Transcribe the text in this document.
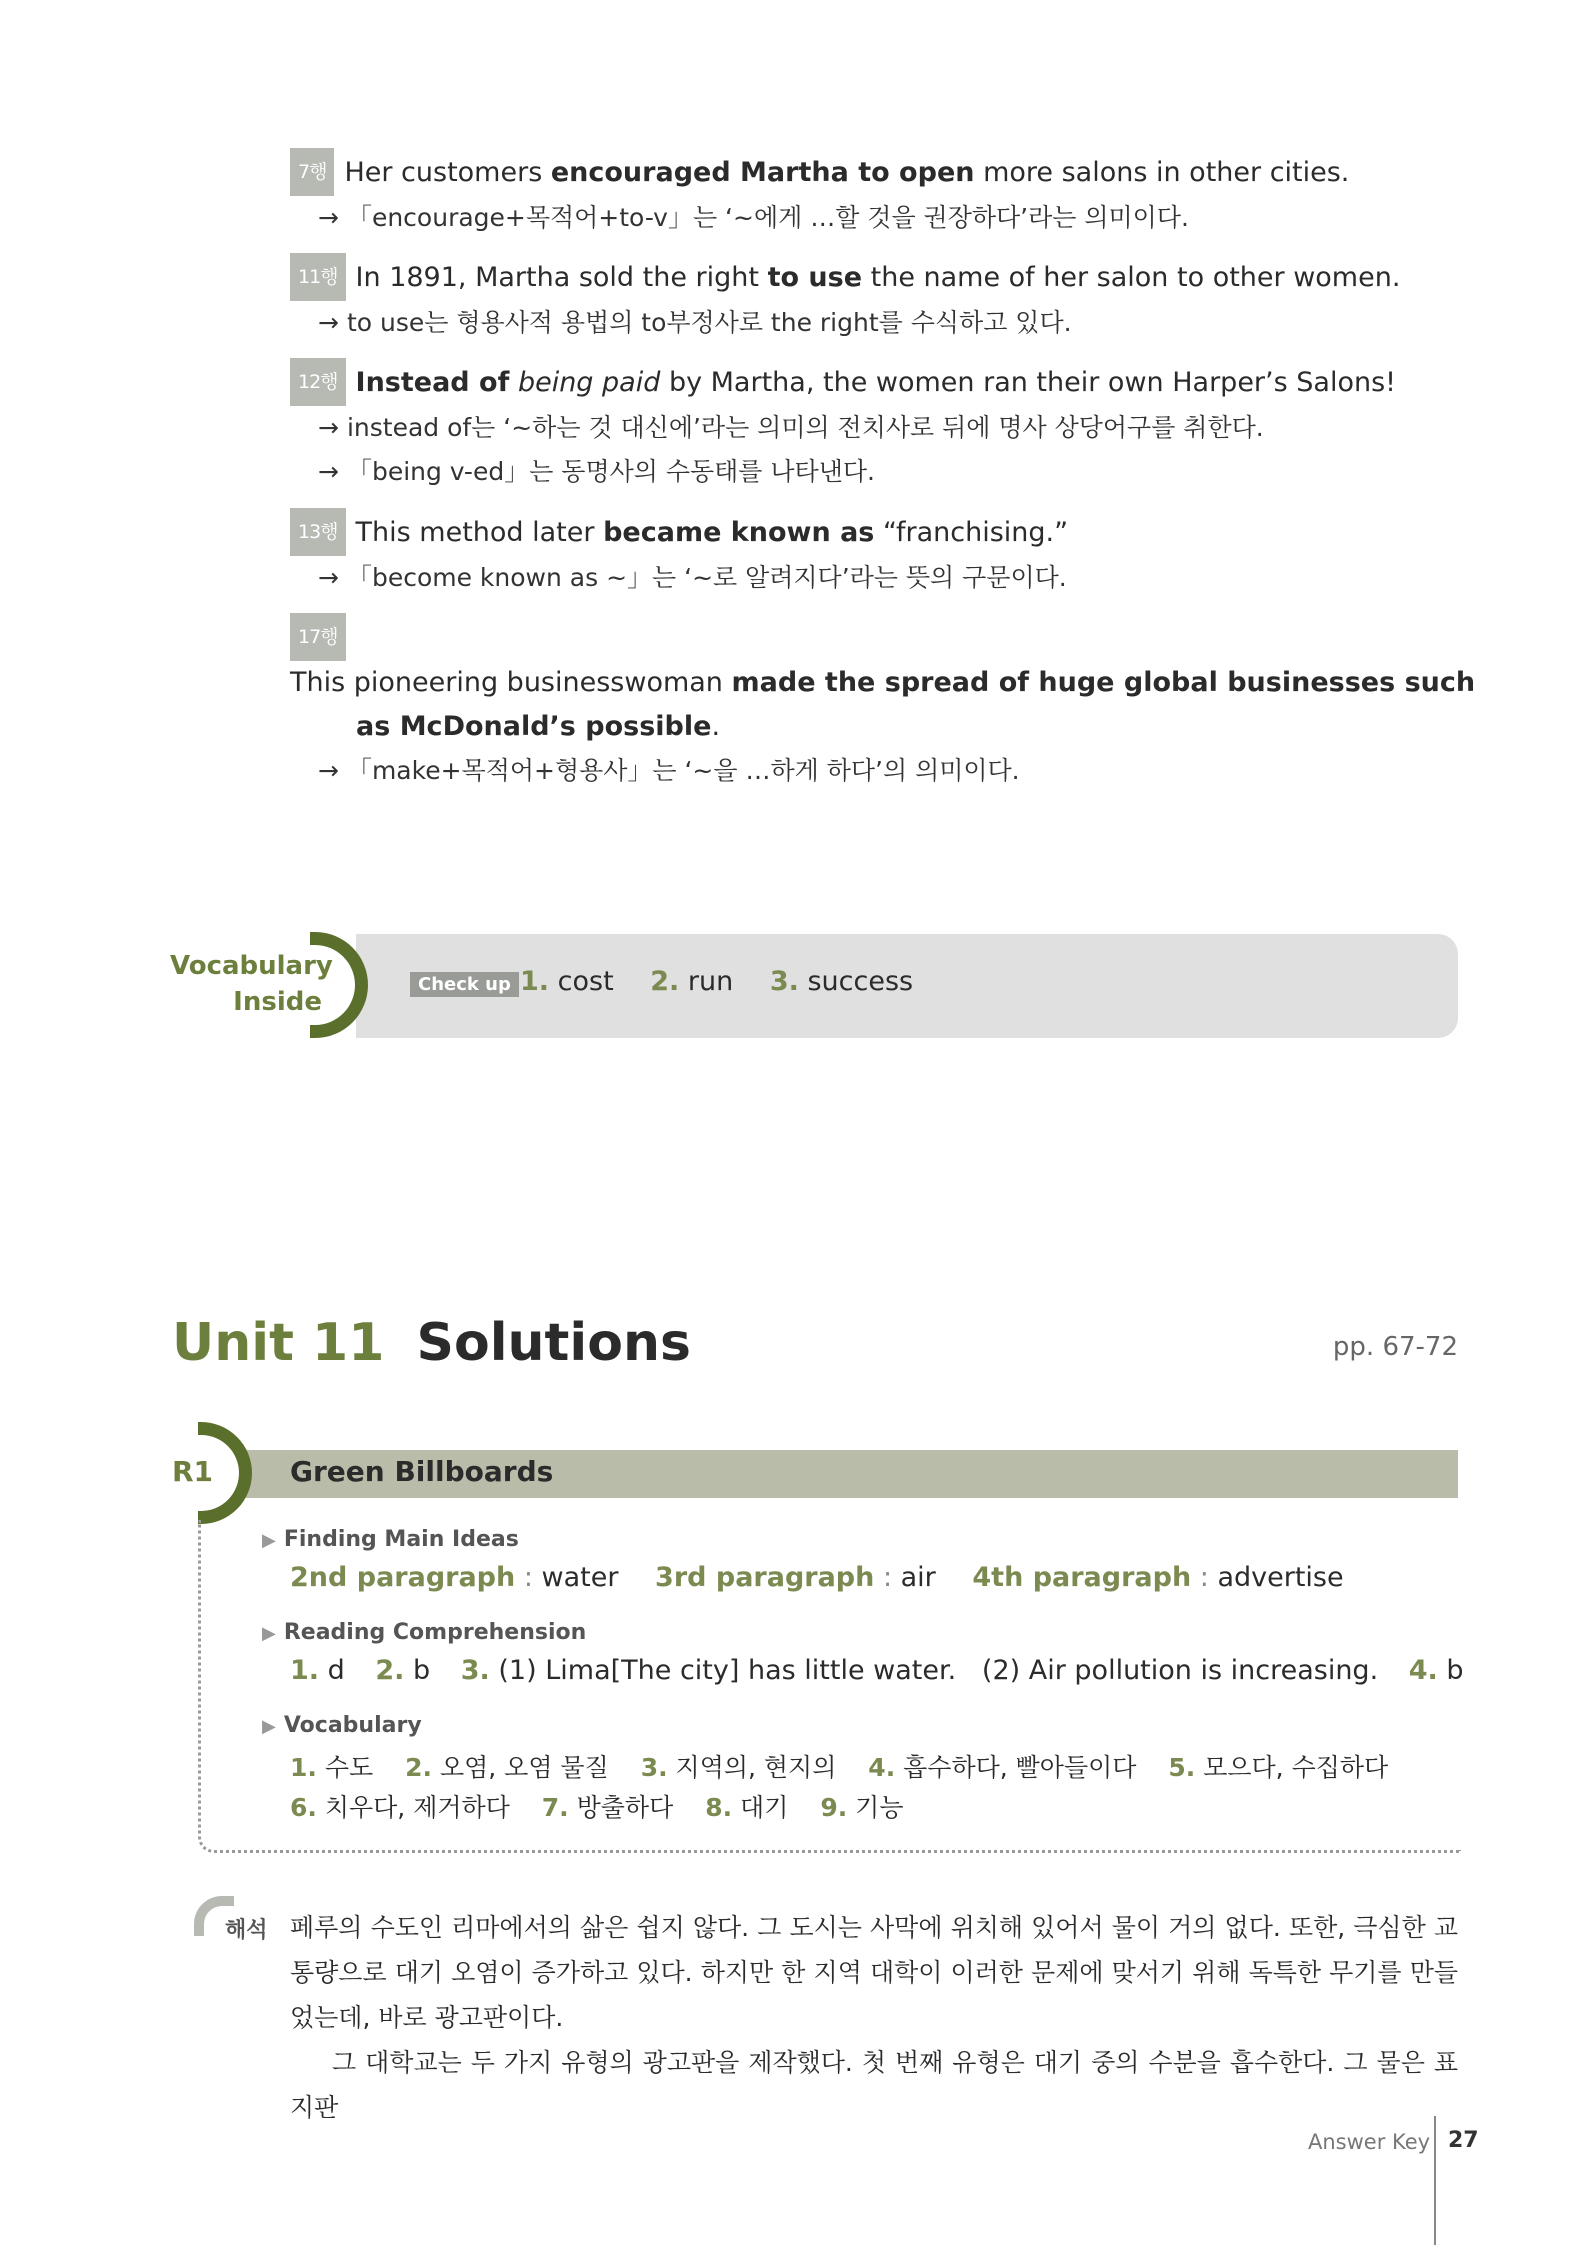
7행 Her customers encouraged Martha to open more salons in other cities.
→ 「encourage+목적어+to-v」는 ‘~에게 …할 것을 권장하다’라는 의미이다.
11행 In 1891, Martha sold the right to use the name of her salon to other women.
→ to use는 형용사적 용법의 to부정사로 the right를 수식하고 있다.
12행 Instead of being paid by Martha, the women ran their own Harper’s Salons!
→ instead of는 ‘~하는 것 대신에’라는 의미의 전치사로 뒤에 명사 상당어구를 취한다.
→ 「being v-ed」는 동명사의 수동태를 나타낸다.
13행 This method later became known as “franchising.”
→ 「become known as ~」는 ‘~로 알려지다’라는 뜻의 구문이다.
17행This pioneering businesswoman made the spread of huge global businesses such
as McDonald’s possible.
→ 「make+목적어+형용사」는 ‘~을 …하게 하다’의 의미이다.
Vocabulary
Inside
Check up 1. cost 2. run 3. success
Unit 11 Solutions	pp. 67-72
R1	Green Billboards
▶ Finding Main Ideas
2nd paragraph : water 3rd paragraph : air 4th paragraph : advertise
▶ Reading Comprehension
1. d 2. b 3. (1) Lima[The city] has little water.   (2) Air pollution is increasing. 4. b
▶ Vocabulary
1. 수도 2. 오염, 오염 물질 3. 지역의, 현지의 4. 흡수하다, 빨아들이다 5. 모으다, 수집하다
6. 치우다, 제거하다 7. 방출하다 8. 대기 9. 기능
해석 페루의 수도인 리마에서의 삶은 쉽지 않다. 그 도시는 사막에 위치해 있어서 물이 거의 없다. 또한, 극심한 교통량으로 대기 오염이 증가하고 있다. 하지만 한 지역 대학이 이러한 문제에 맞서기 위해 독특한 무기를 만들었는데, 바로 광고판이다.

그 대학교는 두 가지 유형의 광고판을 제작했다. 첫 번째 유형은 대기 중의 수분을 흡수한다. 그 물은 표지판

Answer Key 27
